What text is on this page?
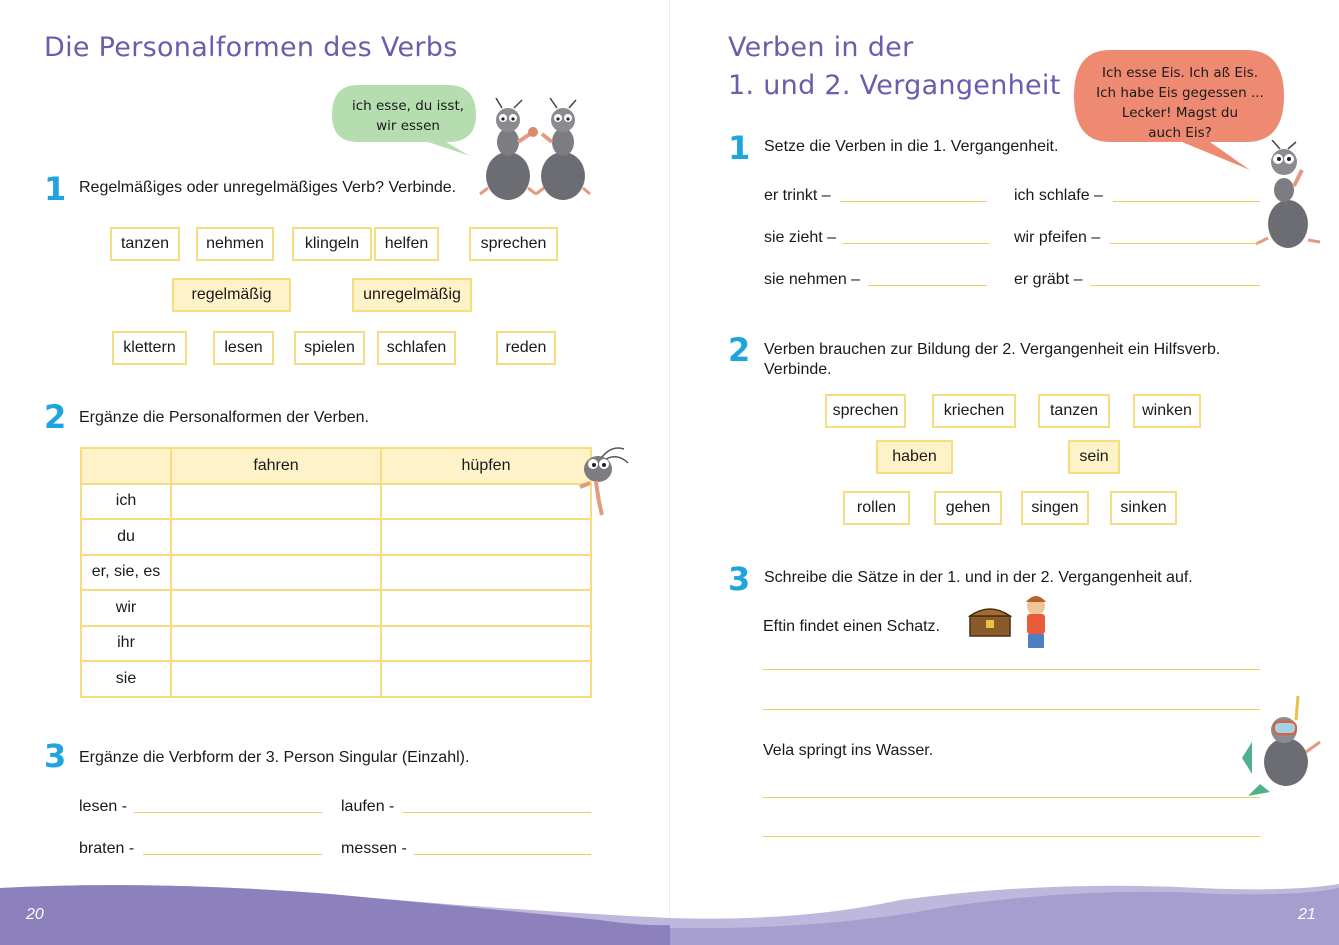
Die Personalformen des Verbs
ich esse, du isst,
wir essen
1 Regelmäßiges oder unregelmäßiges Verb? Verbinde.
tanzen	nehmen	klingeln	helfen	sprechen
regelmäßig	unregelmäßig
klettern	lesen	spielen	schlafen	reden
2 Ergänze die Personalformen der Verben.
	fahren	hüpfen
ich		
du		
er, sie, es		
wir		
ihr		
sie		
3 Ergänze die Verbform der 3. Person Singular (Einzahl).
lesen -	laufen -
braten -	messen -
Verben in der
1. und 2. Vergangenheit	Ich esse Eis. Ich aß Eis.
Ich habe Eis gegessen ...
Lecker! Magst du
auch Eis?
1 Setze die Verben in die 1. Vergangenheit.
er trinkt –	ich schlafe –
sie zieht –	wir pfeifen –
sie nehmen –	er gräbt –
2 Verben brauchen zur Bildung der 2. Vergangenheit ein Hilfsverb.
Verbinde.
sprechen	kriechen	tanzen	winken
haben	sein
rollen	gehen	singen	sinken
3 Schreibe die Sätze in der 1. und in der 2. Vergangenheit auf.
Eftin findet einen Schatz.
Vela springt ins Wasser.
20	21
